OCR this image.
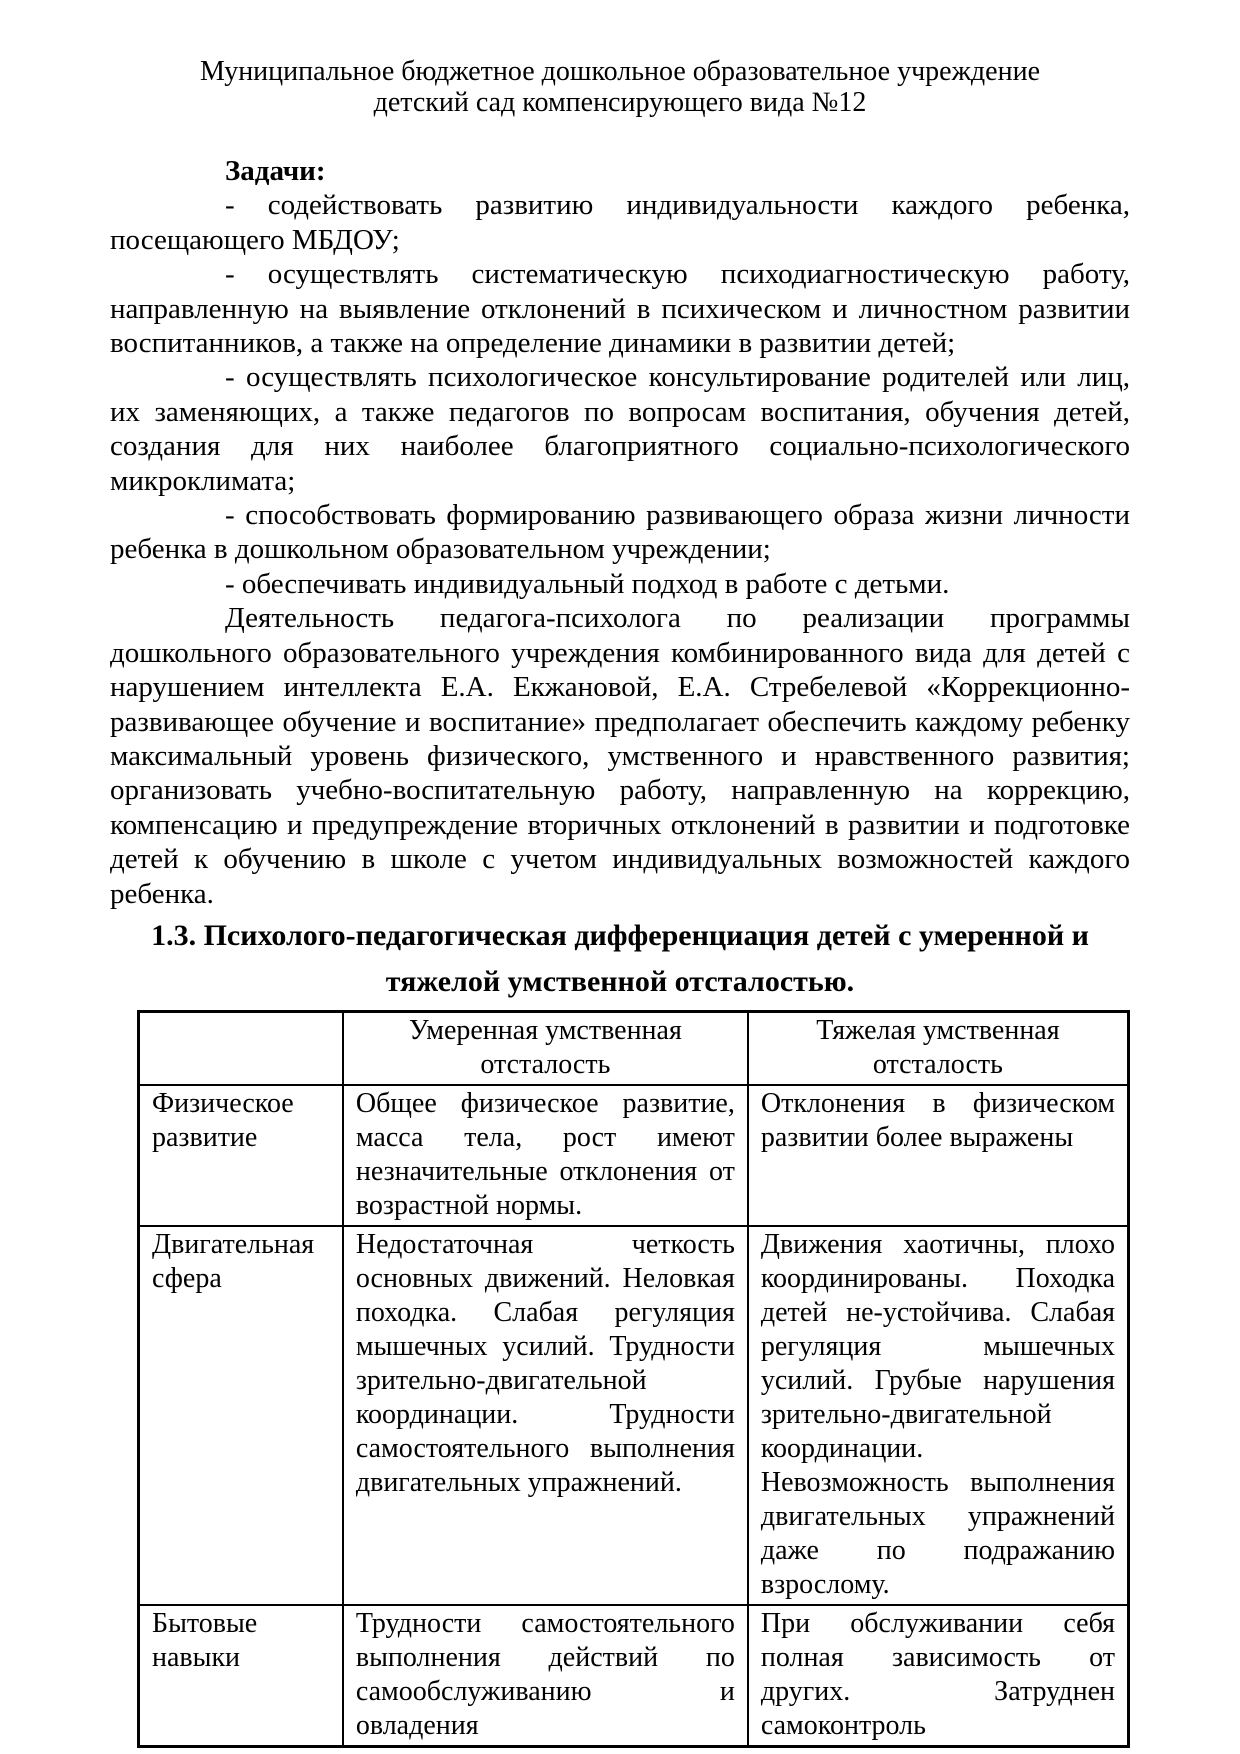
Муниципальное бюджетное дошкольное образовательное учреждение
детский сад компенсирующего вида №12

Задачи:

- содействовать развитию индивидуальности каждого ребенка, посещающего МБДОУ;

- осуществлять систематическую психодиагностическую работу, направленную на выявление отклонений в психическом и личностном развитии воспитанников, а также на определение динамики в развитии детей;

- осуществлять психологическое консультирование родителей или лиц, их заменяющих, а также педагогов по вопросам воспитания, обучения детей, создания для них наиболее благоприятного социально-психологического микроклимата;

- способствовать формированию развивающего образа жизни личности ребенка в дошкольном образовательном учреждении;

- обеспечивать индивидуальный подход в работе с детьми.

Деятельность педагога-психолога по реализации программы дошкольного образовательного учреждения комбинированного вида для детей с нарушением интеллекта Е.А. Екжановой, Е.А. Стребелевой «Коррекционно-развивающее обучение и воспитание» предполагает обеспечить каждому ребенку максимальный уровень физического, умственного и нравственного развития; организовать учебно-воспитательную работу, направленную на коррекцию, компенсацию и предупреждение вторичных отклонений в развитии и подготовке детей к обучению в школе с учетом индивидуальных возможностей каждого ребенка.

1.3. Психолого-педагогическая дифференциация детей с умеренной и тяжелой умственной отсталостью.
	Умеренная умственная отсталость	Тяжелая умственная отсталость
Физическое развитие	Общее физическое развитие, масса тела, рост имеют незначительные отклонения от возрастной нормы.	Отклонения в физическом развитии более выражены
Двигательная сфера	Недостаточная четкость основных движений. Неловкая походка. Слабая регуляция мышечных усилий. Трудности зрительно-двигательной координации. Трудности самостоятельного выполнения двигательных упражнений.	Движения хаотичны, плохо координированы. Походка детей не-устойчива. Слабая регуляция мышечных усилий. Грубые нарушения зрительно-двигательной координации. Невозможность выполнения двигательных упражнений даже по подражанию взрослому.
Бытовые навыки	Трудности самостоятельного выполнения действий по самообслуживанию и овладения	При обслуживании себя полная зависимость от других. Затруднен самоконтроль
